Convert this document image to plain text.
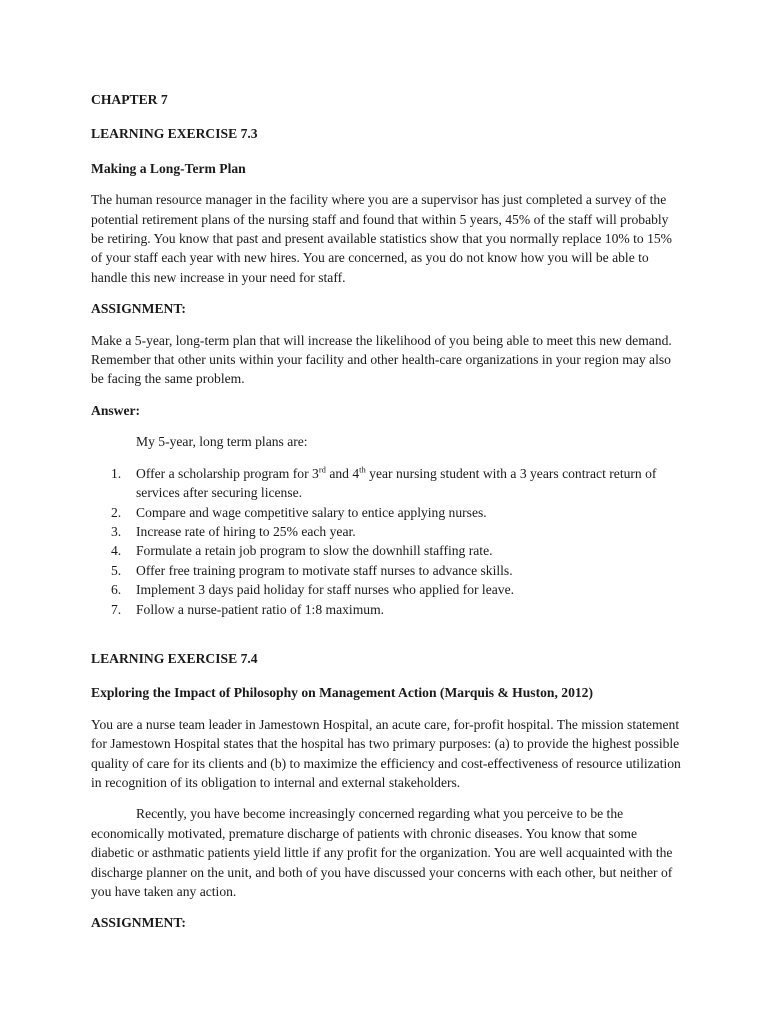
CHAPTER 7

LEARNING EXERCISE 7.3

Making a Long-Term Plan

The human resource manager in the facility where you are a supervisor has just completed a survey of the potential retirement plans of the nursing staff and found that within 5 years, 45% of the staff will probably be retiring. You know that past and present available statistics show that you normally replace 10% to 15% of your staff each year with new hires. You are concerned, as you do not know how you will be able to handle this new increase in your need for staff.

ASSIGNMENT:

Make a 5-year, long-term plan that will increase the likelihood of you being able to meet this new demand. Remember that other units within your facility and other health-care organizations in your region may also be facing the same problem.

Answer:

My 5-year, long term plans are:

1. Offer a scholarship program for 3rd and 4th year nursing student with a 3 years contract return of services after securing license.
2. Compare and wage competitive salary to entice applying nurses.
3. Increase rate of hiring to 25% each year.
4. Formulate a retain job program to slow the downhill staffing rate.
5. Offer free training program to motivate staff nurses to advance skills.
6. Implement 3 days paid holiday for staff nurses who applied for leave.
7. Follow a nurse-patient ratio of 1:8 maximum.

LEARNING EXERCISE 7.4

Exploring the Impact of Philosophy on Management Action (Marquis & Huston, 2012)

You are a nurse team leader in Jamestown Hospital, an acute care, for-profit hospital. The mission statement for Jamestown Hospital states that the hospital has two primary purposes: (a) to provide the highest possible quality of care for its clients and (b) to maximize the efficiency and cost-effectiveness of resource utilization in recognition of its obligation to internal and external stakeholders.

Recently, you have become increasingly concerned regarding what you perceive to be the economically motivated, premature discharge of patients with chronic diseases. You know that some diabetic or asthmatic patients yield little if any profit for the organization. You are well acquainted with the discharge planner on the unit, and both of you have discussed your concerns with each other, but neither of you have taken any action.

ASSIGNMENT:
